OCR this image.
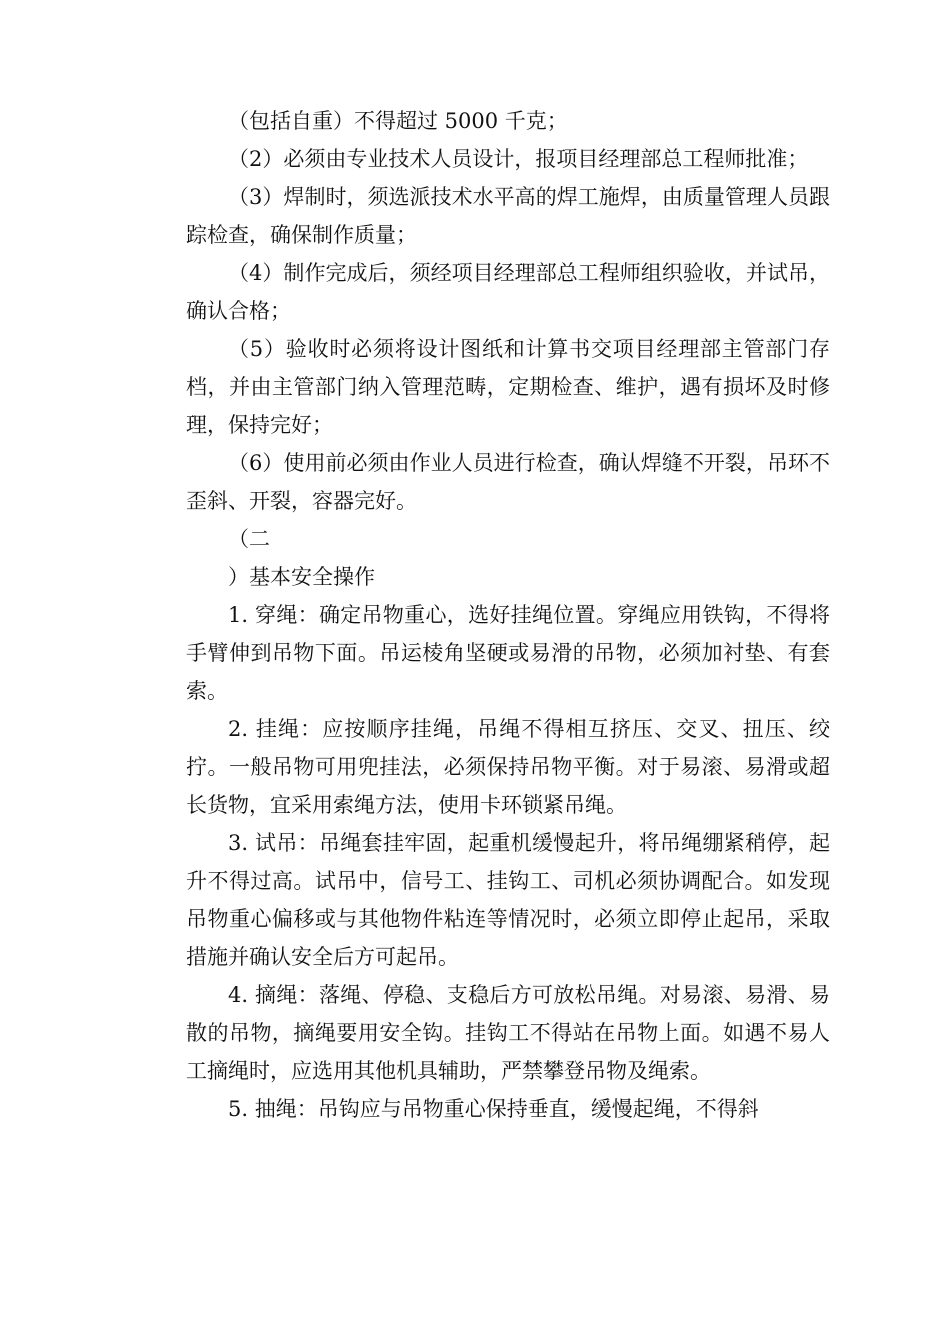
（包括自重）不得超过 5000 千克；

（2）必须由专业技术人员设计，报项目经理部总工程师批准；

（3）焊制时，须选派技术水平高的焊工施焊，由质量管理人员跟踪检查，确保制作质量；

（4）制作完成后，须经项目经理部总工程师组织验收，并试吊，确认合格；

（5）验收时必须将设计图纸和计算书交项目经理部主管部门存档，并由主管部门纳入管理范畴，定期检查、维护，遇有损坏及时修理，保持完好；

（6）使用前必须由作业人员进行检查，确认焊缝不开裂，吊环不歪斜、开裂，容器完好。

（二

）基本安全操作

1. 穿绳：确定吊物重心，选好挂绳位置。穿绳应用铁钩，不得将手臂伸到吊物下面。吊运棱角坚硬或易滑的吊物，必须加衬垫、有套索。

2. 挂绳：应按顺序挂绳，吊绳不得相互挤压、交叉、扭压、绞拧。一般吊物可用兜挂法，必须保持吊物平衡。对于易滚、易滑或超长货物，宜采用索绳方法，使用卡环锁紧吊绳。

3. 试吊：吊绳套挂牢固，起重机缓慢起升，将吊绳绷紧稍停，起升不得过高。试吊中，信号工、挂钩工、司机必须协调配合。如发现吊物重心偏移或与其他物件粘连等情况时，必须立即停止起吊，采取措施并确认安全后方可起吊。

4. 摘绳：落绳、停稳、支稳后方可放松吊绳。对易滚、易滑、易散的吊物，摘绳要用安全钩。挂钩工不得站在吊物上面。如遇不易人工摘绳时，应选用其他机具辅助，严禁攀登吊物及绳索。

5. 抽绳：吊钩应与吊物重心保持垂直，缓慢起绳，不得斜
